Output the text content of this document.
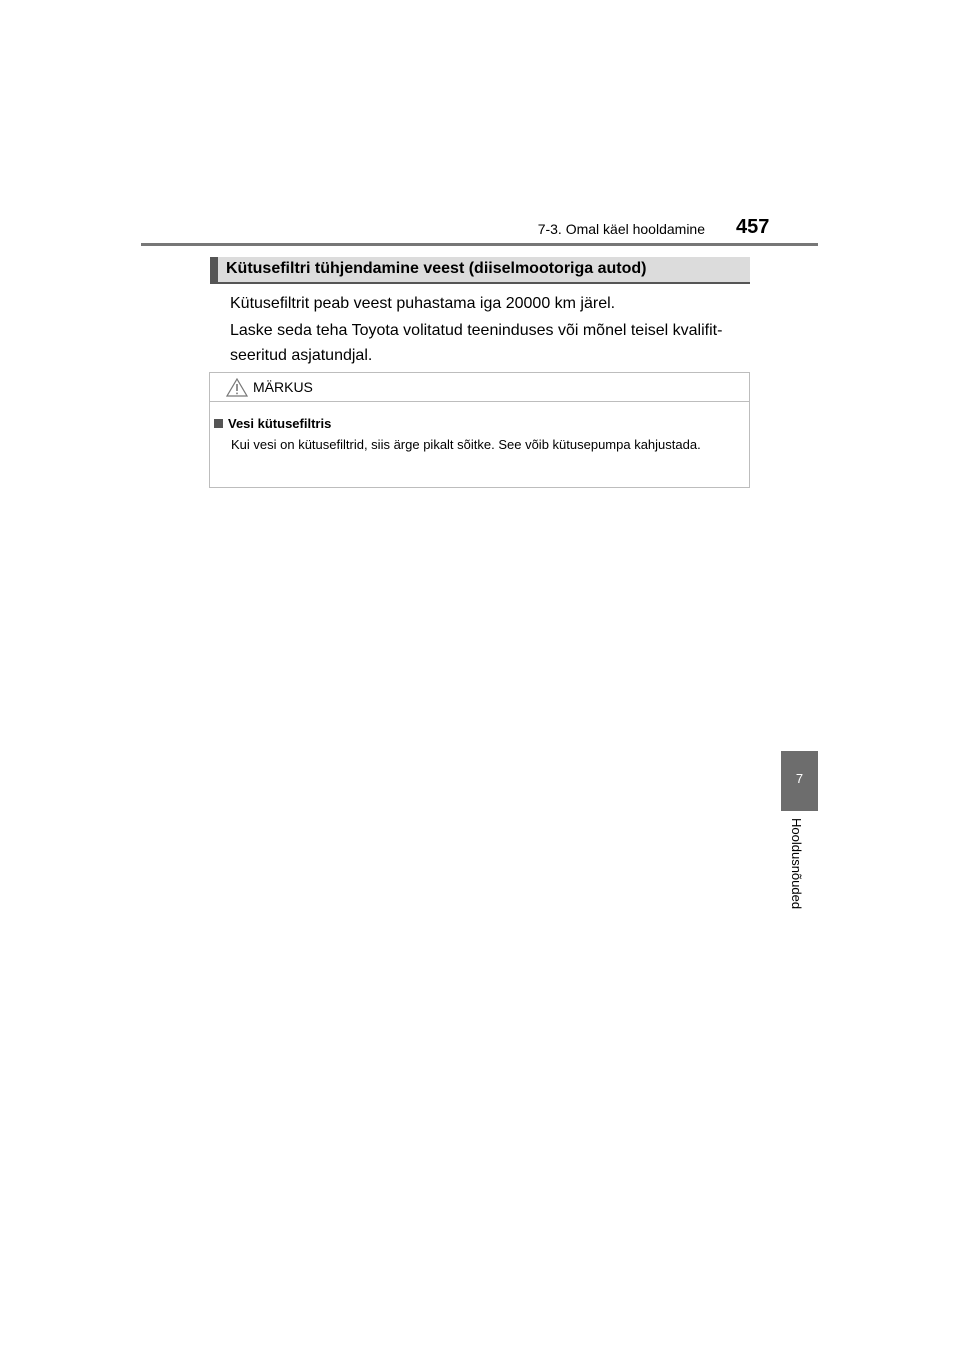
7-3. Omal käel hooldamine 457
Kütusefiltri tühjendamine veest (diiselmootoriga autod)

Kütusefiltrit peab veest puhastama iga 20000 km järel.

Laske seda teha Toyota volitatud teeninduses või mõnel teisel kvalifitseeritud asjatundjal.

MÄRKUS
Vesi kütusefiltris

Kui vesi on kütusefiltrid, siis ärge pikalt sõitke. See võib kütusepumpa kahjustada.

7
Hooldusnõuded
